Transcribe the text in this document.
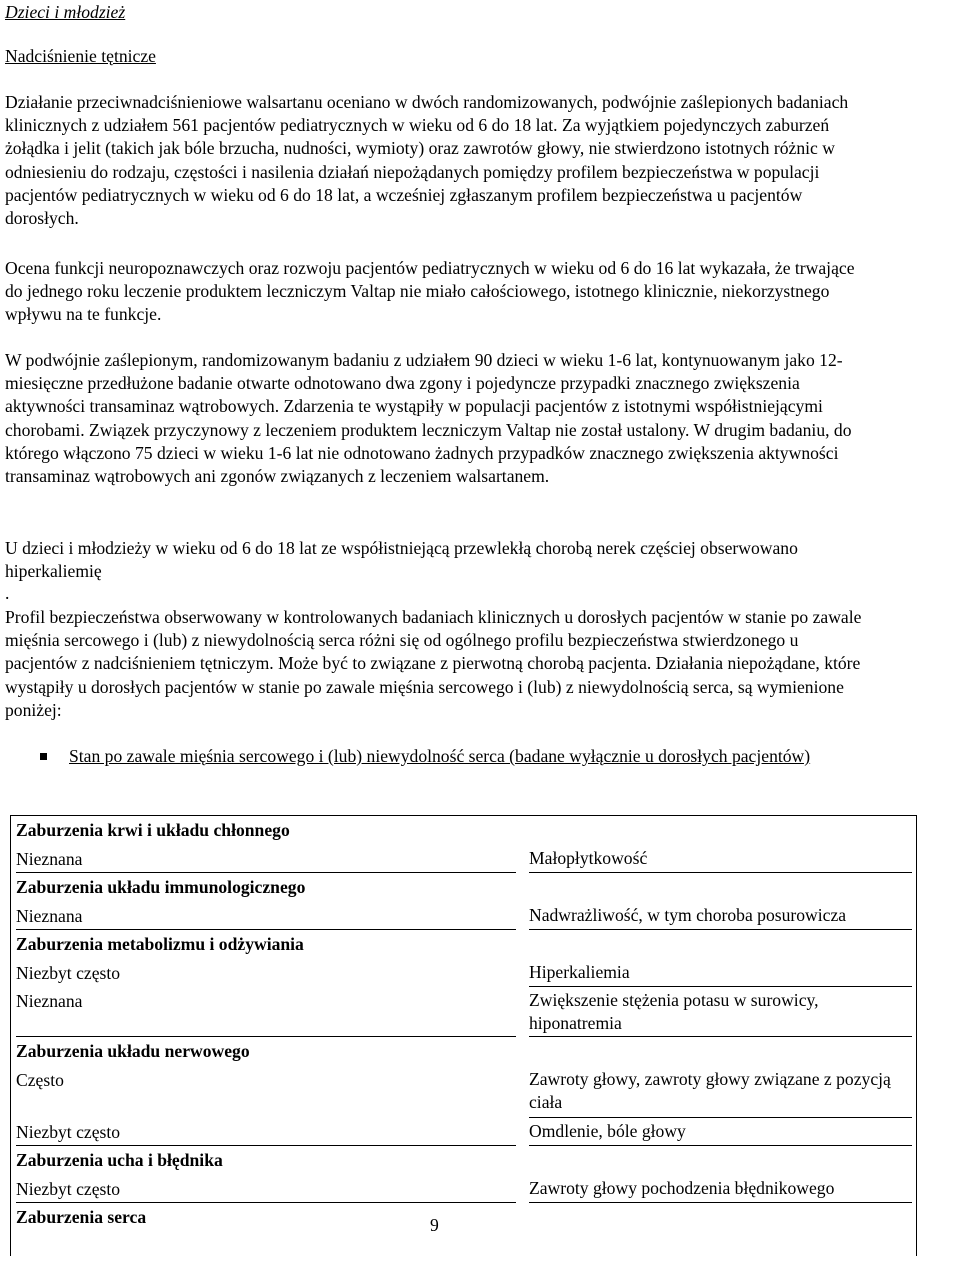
Dzieci i młodzież
Nadciśnienie tętnicze

Działanie przeciwnadciśnieniowe walsartanu oceniano w dwóch randomizowanych, podwójnie zaślepionych badaniach klinicznych z udziałem 561 pacjentów pediatrycznych w wieku od 6 do 18 lat. Za wyjątkiem pojedynczych zaburzeń żołądka i jelit (takich jak bóle brzucha, nudności, wymioty) oraz zawrotów głowy, nie stwierdzono istotnych różnic w odniesieniu do rodzaju, częstości i nasilenia działań niepożądanych pomiędzy profilem bezpieczeństwa w populacji pacjentów pediatrycznych w wieku od 6 do 18 lat, a wcześniej zgłaszanym profilem bezpieczeństwa u pacjentów dorosłych.

Ocena funkcji neuropoznawczych oraz rozwoju pacjentów pediatrycznych w wieku od 6 do 16 lat wykazała, że trwające do jednego roku leczenie produktem leczniczym Valtap nie miało całościowego, istotnego klinicznie, niekorzystnego wpływu na te funkcje.

W podwójnie zaślepionym, randomizowanym badaniu z udziałem 90 dzieci w wieku 1-6 lat, kontynuowanym jako 12-miesięczne przedłużone badanie otwarte odnotowano dwa zgony i pojedyncze przypadki znacznego zwiększenia aktywności transaminaz wątrobowych. Zdarzenia te wystąpiły w populacji pacjentów z istotnymi współistniejącymi chorobami. Związek przyczynowy z leczeniem produktem leczniczym Valtap nie został ustalony. W drugim badaniu, do którego włączono 75 dzieci w wieku 1-6 lat nie odnotowano żadnych przypadków znacznego zwiększenia aktywności transaminaz wątrobowych ani zgonów związanych z leczeniem walsartanem.

U dzieci i młodzieży w wieku od 6 do 18 lat ze współistniejącą przewlekłą chorobą nerek częściej obserwowano hiperkaliemię

.

Profil bezpieczeństwa obserwowany w kontrolowanych badaniach klinicznych u dorosłych pacjentów w stanie po zawale mięśnia sercowego i (lub) z niewydolnością serca różni się od ogólnego profilu bezpieczeństwa stwierdzonego u pacjentów z nadciśnieniem tętniczym. Może być to związane z pierwotną chorobą pacjenta. Działania niepożądane, które wystąpiły u dorosłych pacjentów w stanie po zawale mięśnia sercowego i (lub) z niewydolnością serca, są wymienione poniżej:

Stan po zawale mięśnia sercowego i (lub) niewydolność serca (badane wyłącznie u dorosłych pacjentów)
Zaburzenia krwi i układu chłonnego
Nieznana	Małopłytkowość
Zaburzenia układu immunologicznego
Nieznana	Nadwrażliwość, w tym choroba posurowicza
Zaburzenia metabolizmu i odżywiania
Niezbyt często	Hiperkaliemia
Nieznana	Zwiększenie stężenia potasu w surowicy, hiponatremia
Zaburzenia układu nerwowego
Często	Zawroty głowy, zawroty głowy związane z pozycją ciała
Niezbyt często	Omdlenie, bóle głowy
Zaburzenia ucha i błędnika
Niezbyt często	Zawroty głowy pochodzenia błędnikowego
Zaburzenia serca	9
